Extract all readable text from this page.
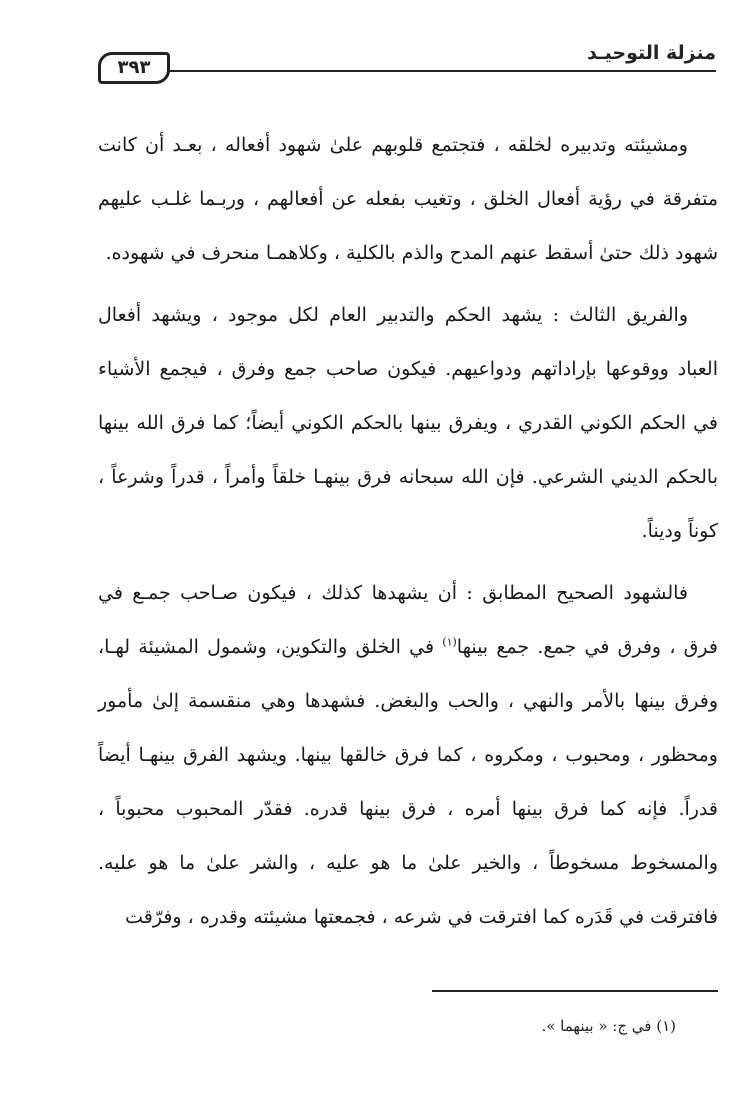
منزلة التوحيـد
٣٩٣

ومشيئته وتدبيره لخلقه ، فتجتمع قلوبهم علىٰ شهود أفعاله ، بعـد أن كانت متفرقة في رؤية أفعال الخلق ، وتغيب بفعله عن أفعالهم ، وربـما غلـب عليهم شهود ذلك حتىٰ أسقط عنهم المدح والذم بالكلية ، وكلاهمـا منحرف في شهوده.

والفريق الثالث : يشهد الحكم والتدبير العام لكل موجود ، ويشهد أفعال العباد ووقوعها بإراداتهم ودواعيهم. فيكون صاحب جمع وفرق ، فيجمع الأشياء في الحكم الكوني القدري ، ويفرق بينها بالحكم الكوني أيضاً؛ كما فرق الله بينها بالحكم الديني الشرعي. فإن الله سبحانه فرق بينهـا خلقاً وأمراً ، قدراً وشرعاً ، كوناً وديناً.

فالشهود الصحيح المطابق : أن يشهدها كذلك ، فيكون صـاحب جمـع في فرق ، وفرق في جمع. جمع بينها$^{(١)}$ في الخلق والتكوين، وشمول المشيئة لهـا، وفرق بينها بالأمر والنهي ، والحب والبغض. فشهدها وهي منقسمة إلىٰ مأمور ومحظور ، ومحبوب ، ومكروه ، كما فرق خالقها بينها. ويشهد الفرق بينهـا أيضاً قدراً. فإنه كما فرق بينها أمره ، فرق بينها قدره. فقدّر المحبوب محبوباً ، والمسخوط مسخوطاً ، والخير علىٰ ما هو عليه ، والشر علىٰ ما هو عليه. فافترقت في قَدَره كما افترقت في شرعه ، فجمعتها مشيئته وقدره ، وفرّقت

(١) في ج: « بينهما ».
